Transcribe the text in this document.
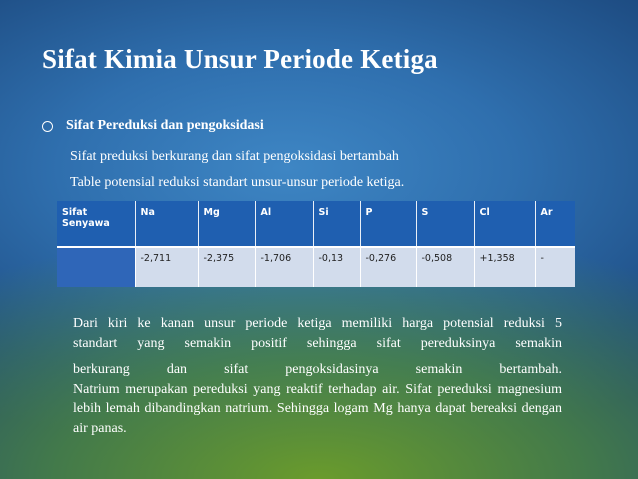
Sifat Kimia Unsur Periode Ketiga
Sifat Pereduksi dan pengoksidasi
Sifat preduksi berkurang dan sifat pengoksidasi bertambah
Table potensial reduksi standart unsur-unsur periode ketiga.
Sifat
Senyawa	Na	Mg	Al	Si	P	S	Cl	Ar
	-2,711	-2,375	-1,706	-0,13	-0,276	-0,508	+1,358	-

Dari kiri ke kanan unsur periode ketiga memiliki harga potensial reduksi 5

standart yang semakin positif sehingga sifat pereduksinya semakin

berkurang dan sifat pengoksidasinya semakin bertambah.

Natrium merupakan pereduksi yang reaktif terhadap air. Sifat pereduksi magnesium lebih lemah dibandingkan natrium. Sehingga logam Mg hanya dapat bereaksi dengan air panas.
